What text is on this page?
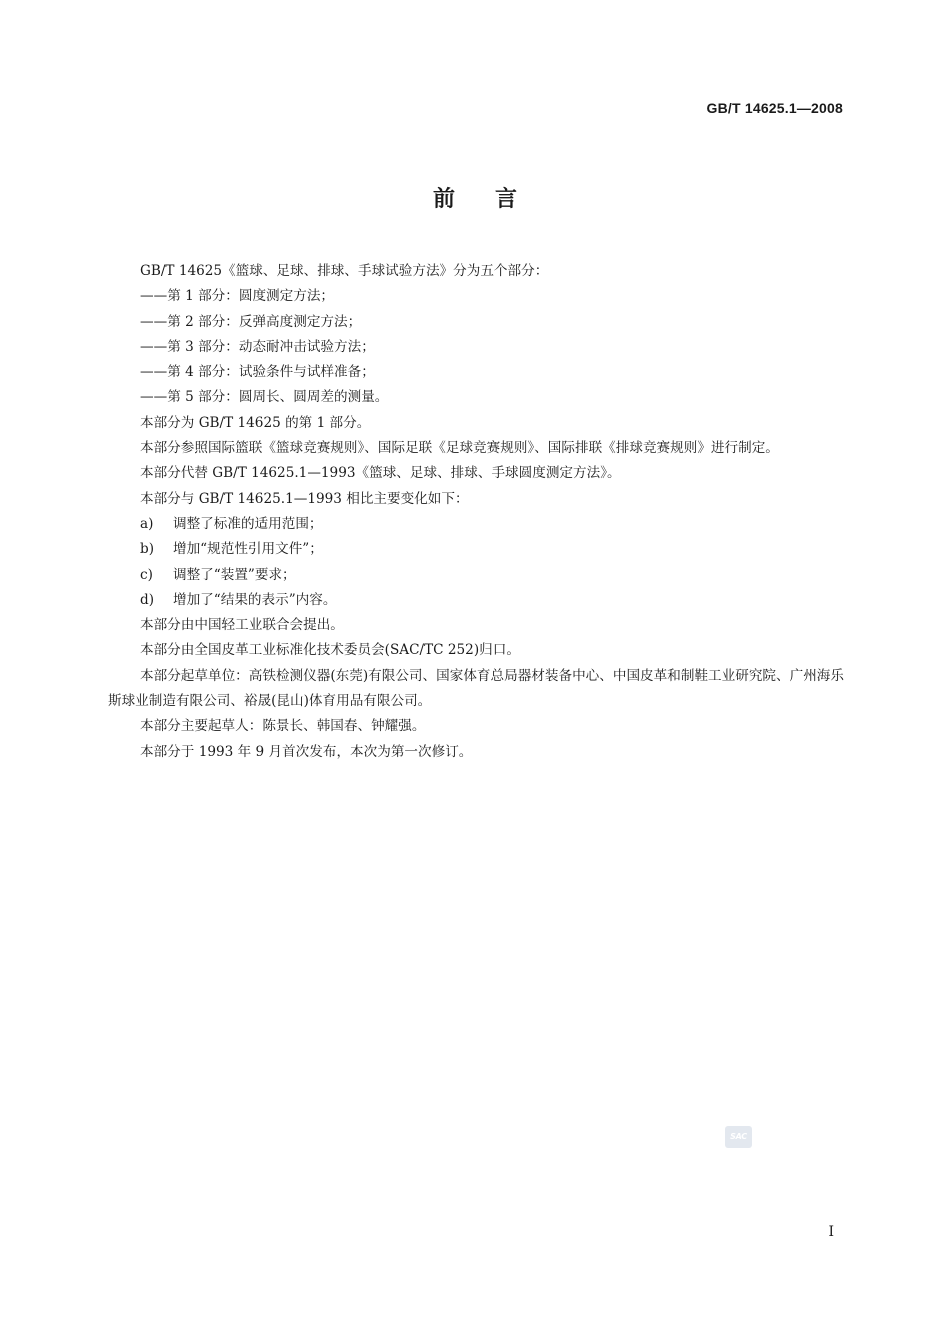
GB/T 14625.1—2008
前言

GB/T 14625《篮球、足球、排球、手球试验方法》分为五个部分：

——第 1 部分：圆度测定方法；

——第 2 部分：反弹高度测定方法；

——第 3 部分：动态耐冲击试验方法；

——第 4 部分：试验条件与试样准备；

——第 5 部分：圆周长、圆周差的测量。

本部分为 GB/T 14625 的第 1 部分。

本部分参照国际篮联《篮球竞赛规则》、国际足联《足球竞赛规则》、国际排联《排球竞赛规则》进行制定。

本部分代替 GB/T 14625.1—1993《篮球、足球、排球、手球圆度测定方法》。

本部分与 GB/T 14625.1—1993 相比主要变化如下：

a) 调整了标准的适用范围；

b) 增加“规范性引用文件”；

c) 调整了“装置”要求；

d) 增加了“结果的表示”内容。

本部分由中国轻工业联合会提出。

本部分由全国皮革工业标准化技术委员会(SAC/TC 252)归口。

本部分起草单位：高铁检测仪器(东莞)有限公司、国家体育总局器材装备中心、中国皮革和制鞋工业研究院、广州海乐斯球业制造有限公司、裕晟(昆山)体育用品有限公司。

本部分主要起草人：陈景长、韩国春、钟耀强。

本部分于 1993 年 9 月首次发布，本次为第一次修订。

SAC
I
